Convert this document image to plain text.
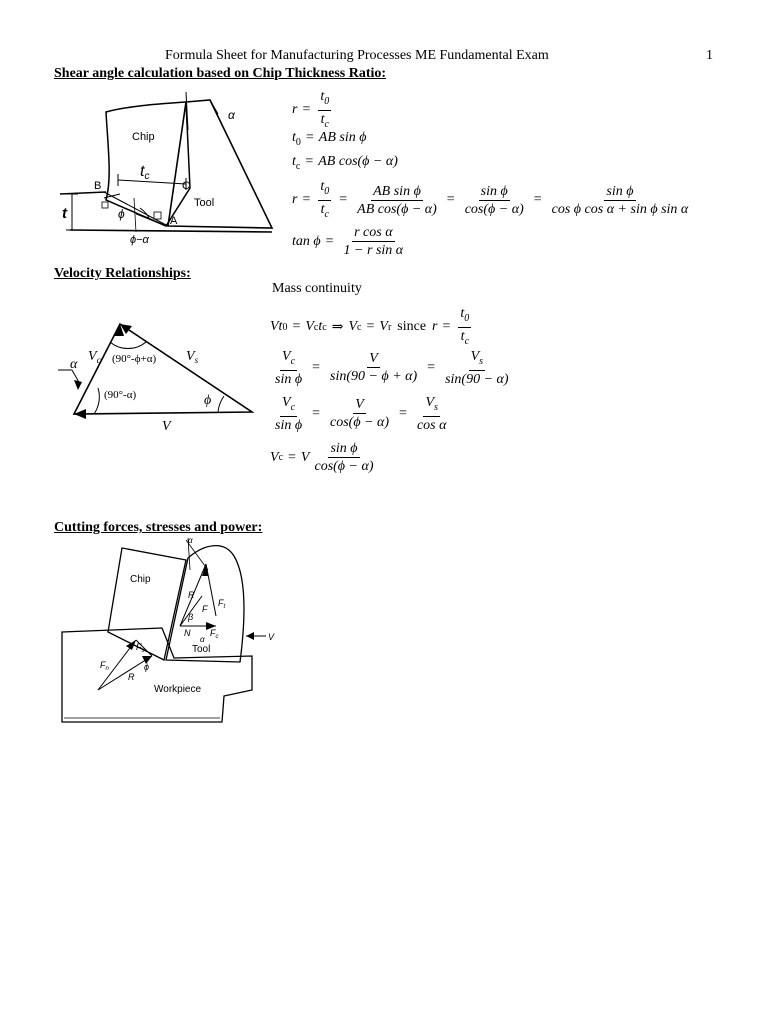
Formula Sheet for Manufacturing Processes ME Fundamental Exam	1
Shear angle calculation based on Chip Thickness Ratio:
Chip
Tool
tc
B	C
A
α
ϕ
ϕ−α
t
$r = \frac{t_0}{t_c}$
$t_0$ = AB sin ϕ
$t_c$ = AB cos(ϕ − α)
$r = \frac{t_0}{t_c} = \frac{\text{AB sin ϕ}}{\text{AB cos(ϕ − α)}} = \frac{\text{sin ϕ}}{\cos(\phi - \alpha)} = \frac{\text{sin ϕ}}{\text{cos ϕ cos α + sin ϕ sin α}}$
$\tan \phi = \frac{\text{r cos α}}{\text{1 − r sin α}}$
Velocity Relationships:
Mass continuity
α
$V_c$ (90°-ϕ+α)
(90°-α)
$V_s$
ϕ
V
Vt 0 = V c t c ⇒ V c = V r since $r = \frac{t_0}{t_c}$
$\frac{V_c}{\text{sin ϕ}} = \frac{V}{\sin(90 - \phi + \alpha)} = \frac{V_s}{\sin(90 - \alpha)}$
$\frac{V_c}{\text{sin ϕ}} = \frac{V}{\cos(\phi - \alpha)} = \frac{V_s}{\text{cos α}}$
V c = V $\frac{\text{sin ϕ}}{\cos(\phi - \alpha)}$
Cutting forces, stresses and power:
Chip
Tool
Workpiece
R
F
$F_t$
$F_c$
N
β
α
α
$F_s$
$F_n$
R
ϕ
V
